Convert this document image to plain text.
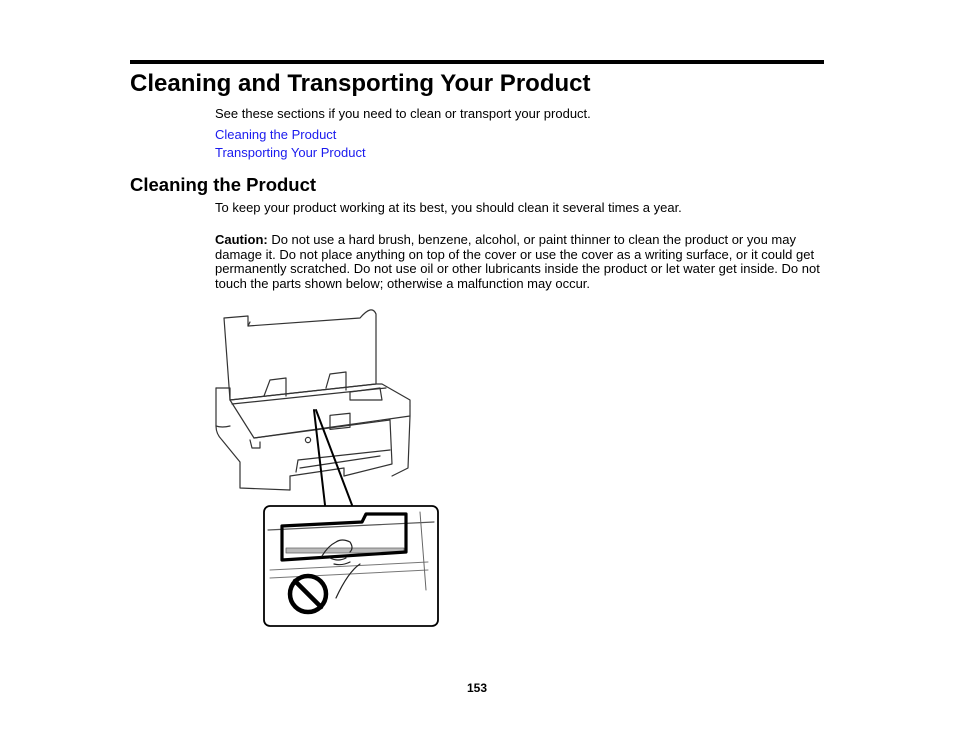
Cleaning and Transporting Your Product

See these sections if you need to clean or transport your product.

Cleaning the Product
Transporting Your Product
Cleaning the Product

To keep your product working at its best, you should clean it several times a year.

Caution: Do not use a hard brush, benzene, alcohol, or paint thinner to clean the product or you may damage it. Do not place anything on top of the cover or use the cover as a writing surface, or it could get permanently scratched. Do not use oil or other lubricants inside the product or let water get inside. Do not touch the parts shown below; otherwise a malfunction may occur.

153
